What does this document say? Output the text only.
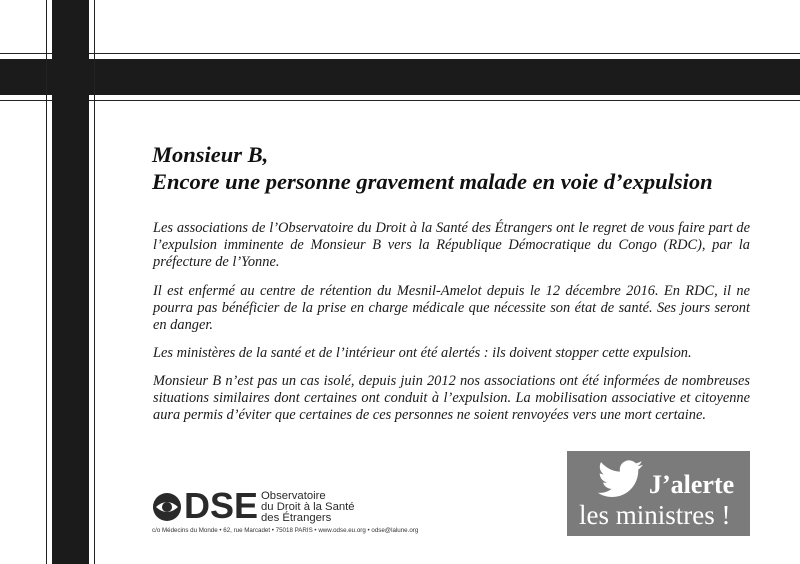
Monsieur B,
Encore une personne gravement malade en voie d’expulsion

Les associations de l’Observatoire du Droit à la Santé des Étrangers ont le regret de vous faire part de l’expulsion imminente de Monsieur B vers la République Démocratique du Congo (RDC), par la préfecture de l’Yonne.

Il est enfermé au centre de rétention du Mesnil-Amelot depuis le 12 décembre 2016. En RDC, il ne pourra pas bénéficier de la prise en charge médicale que nécessite son état de santé. Ses jours seront en danger.

Les ministères de la santé et de l’intérieur ont été alertés : ils doivent stopper cette expulsion.

Monsieur B n’est pas un cas isolé, depuis juin 2012 nos associations ont été informées de nombreuses situations similaires dont certaines ont conduit à l’expulsion. La mobilisation associative et citoyenne aura permis d’éviter que certaines de ces personnes ne soient renvoyées vers une mort certaine.

DSE Observatoire
du Droit à la Santé
des Étrangers
c/o Médecins du Monde • 62, rue Marcadet • 75018 PARIS • www.odse.eu.org • odse@lalune.org
J’alerte
les ministres !
